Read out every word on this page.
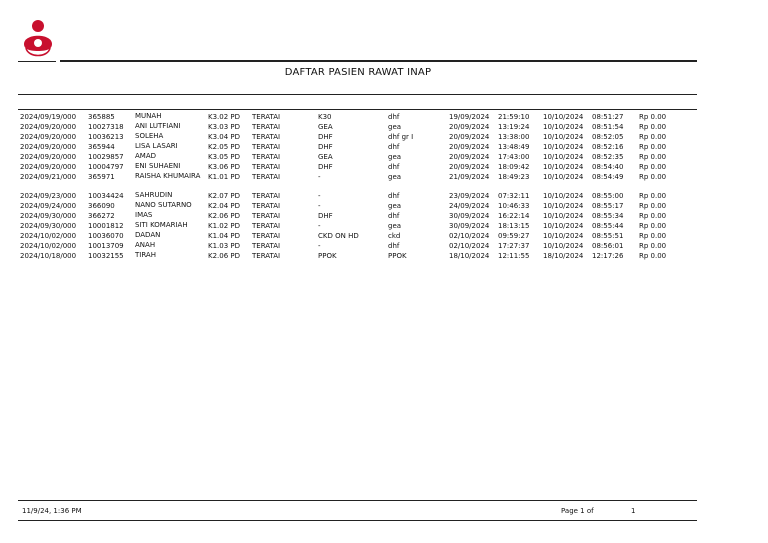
DAFTAR PASIEN RAWAT INAP
2024/09/19/000 365885	MUNAH	K3.02 PD TERATAI	K30	dhf	19/09/2024 21:59:10 10/10/2024 08:51:27 Rp 0.00
2024/09/20/000 10027318 ANI LUTFIANI	K3.03 PD TERATAI	GEA	gea	20/09/2024 13:19:24 10/10/2024 08:51:54 Rp 0.00
2024/09/20/000 10036213 SOLEHA	K3.04 PD TERATAI	DHF	dhf gr I	20/09/2024 13:38:00 10/10/2024 08:52:05 Rp 0.00
2024/09/20/000 365944	LISA LASARI	K2.05 PD TERATAI	DHF	dhf	20/09/2024 13:48:49 10/10/2024 08:52:16 Rp 0.00
2024/09/20/000 10029857 AMAD	K3.05 PD TERATAI	GEA	gea	20/09/2024 17:43:00 10/10/2024 08:52:35 Rp 0.00
2024/09/20/000 10004797 ENI SUHAENI	K3.06 PD TERATAI	DHF	dhf	20/09/2024 18:09:42 10/10/2024 08:54:40 Rp 0.00
2024/09/21/000 365971	RAISHA KHUMAIRA	K1.01 PD TERATAI	-	gea	21/09/2024 18:49:23 10/10/2024 08:54:49 Rp 0.00
2024/09/23/000 10034424 SAHRUDIN	K2.07 PD TERATAI	-	dhf	23/09/2024 07:32:11 10/10/2024 08:55:00 Rp 0.00
2024/09/24/000 366090	NANO SUTARNO	K2.04 PD TERATAI	-	gea	24/09/2024 10:46:33 10/10/2024 08:55:17 Rp 0.00
2024/09/30/000 366272	IMAS	K2.06 PD TERATAI	DHF	dhf	30/09/2024 16:22:14 10/10/2024 08:55:34 Rp 0.00
2024/09/30/000 10001812 SITI KOMARIAH	K1.02 PD TERATAI	-	gea	30/09/2024 18:13:15 10/10/2024 08:55:44 Rp 0.00
2024/10/02/000 10036070 DADAN	K1.04 PD TERATAI	CKD ON HD	ckd	02/10/2024 09:59:27 10/10/2024 08:55:51 Rp 0.00
2024/10/02/000 10013709 ANAH	K1.03 PD TERATAI	-	dhf	02/10/2024 17:27:37 10/10/2024 08:56:01 Rp 0.00
2024/10/18/000 10032155 TIRAH	K2.06 PD TERATAI	PPOK	PPOK	18/10/2024 12:11:55 18/10/2024 12:17:26 Rp 0.00
11/9/24, 1:36 PM	Page 1 of	1
